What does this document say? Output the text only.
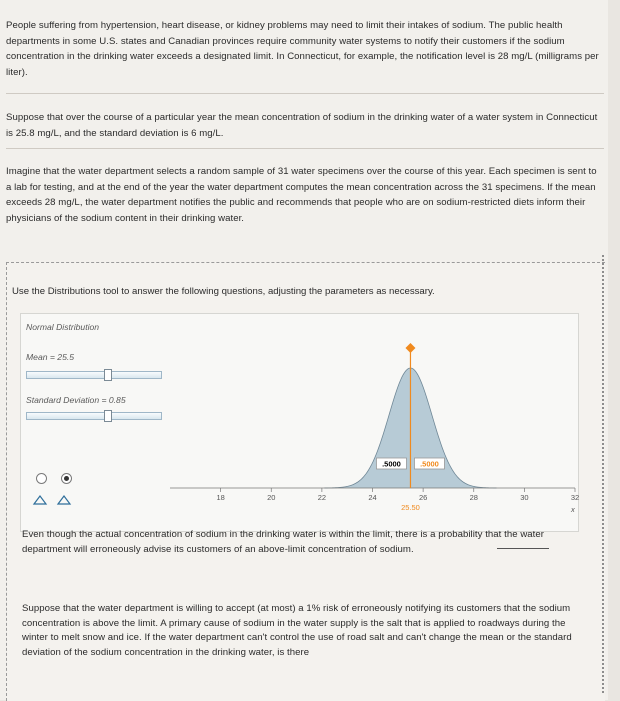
People suffering from hypertension, heart disease, or kidney problems may need to limit their intakes of sodium. The public health departments in some U.S. states and Canadian provinces require community water systems to notify their customers if the sodium concentration in the drinking water exceeds a designated limit. In Connecticut, for example, the notification level is 28 mg/L (milligrams per liter).
Suppose that over the course of a particular year the mean concentration of sodium in the drinking water of a water system in Connecticut is 25.8 mg/L, and the standard deviation is 6 mg/L.
Imagine that the water department selects a random sample of 31 water specimens over the course of this year. Each specimen is sent to a lab for testing, and at the end of the year the water department computes the mean concentration across the 31 specimens. If the mean exceeds 28 mg/L, the water department notifies the public and recommends that people who are on sodium-restricted diets inform their physicians of the sodium content in their drinking water.
Use the Distributions tool to answer the following questions, adjusting the parameters as necessary.
Normal Distribution
Mean = 25.5
Standard Deviation = 0.85
18	20	22	24	26	28	30	32
.5000	.5000
25.50	x
Even though the actual concentration of sodium in the drinking water is within the limit, there is a probability that the water department will erroneously advise its customers of an above-limit concentration of sodium.
Suppose that the water department is willing to accept (at most) a 1% risk of erroneously notifying its customers that the sodium concentration is above the limit. A primary cause of sodium in the water supply is the salt that is applied to roadways during the winter to melt snow and ice. If the water department can't control the use of road salt and can't change the mean or the standard deviation of the sodium concentration in the drinking water, is there
